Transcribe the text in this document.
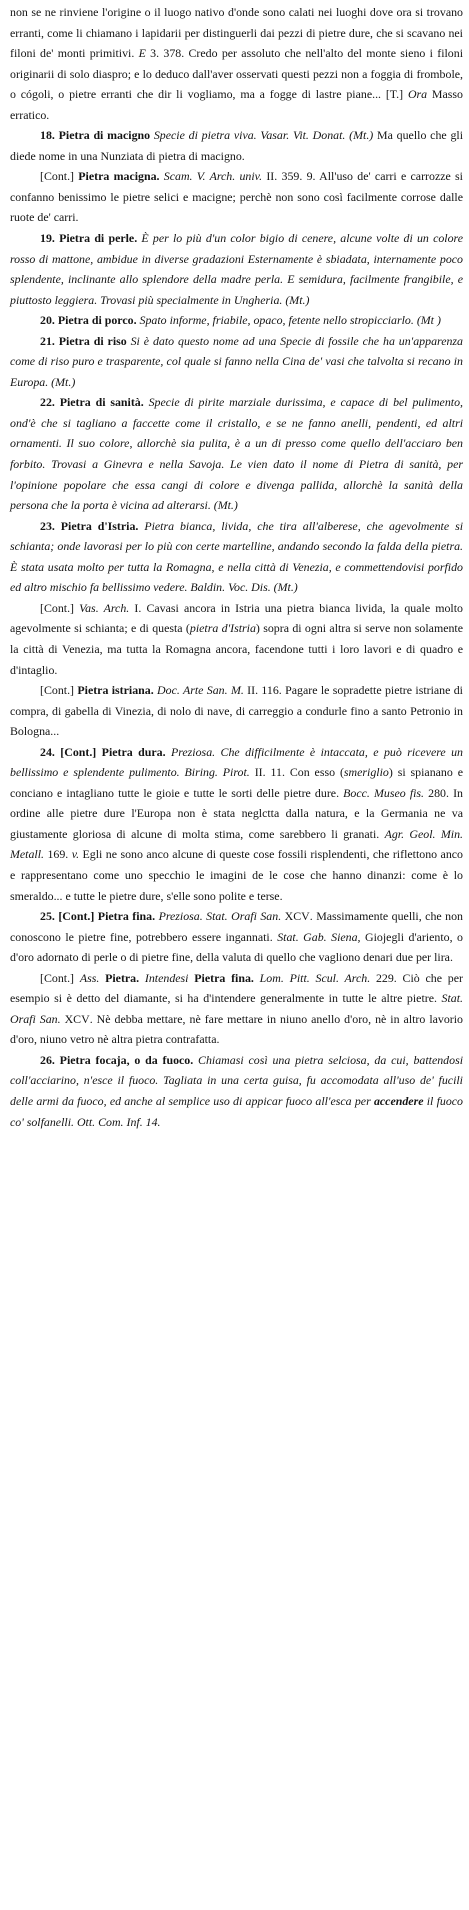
non se ne rinviene l'origine o il luogo nativo d'onde sono calati nei luoghi dove ora si trovano erranti, come li chiamano i lapidarii per distinguerli dai pezzi di pietre dure, che si scavano nei filoni de' monti primitivi. E 3. 378. Credo per assoluto che nell'alto del monte sieno i filoni originarii di solo diaspro; e lo deduco dall'aver osservati questi pezzi non a foggia di frombole, o cógoli, o pietre erranti che dir li vogliamo, ma a fogge di lastre piane... [T.] Ora Masso erratico.

18. Pietra di macigno Specie di pietra viva. Vasar. Vit. Donat. (Mt.) Ma quello che gli diede nome in una Nunziata di pietra di macigno.

[Cont.] Pietra macigna. Scam. V. Arch. univ. II. 359. 9. All'uso de' carri e carrozze si confanno benissimo le pietre selici e macigne; perchè non sono così facilmente corrose dalle ruote de' carri.

19. Pietra di perle. È per lo più d'un color bigio di cenere, alcune volte di un colore rosso di mattone, ambidue in diverse gradazioni Esternamente è sbiadata, internamente poco splendente, inclinante allo splendore della madre perla. E semidura, facilmente frangibile, e piuttosto leggiera. Trovasi più specialmente in Ungheria. (Mt.)

20. Pietra di porco. Spato informe, friabile, opaco, fetente nello stropicciarlo. (Mt )

21. Pietra di riso Si è dato questo nome ad una Specie di fossile che ha un'apparenza come di riso puro e trasparente, col quale si fanno nella Cina de' vasi che talvolta si recano in Europa. (Mt.)

22. Pietra di sanità. Specie di pirite marziale durissima, e capace di bel pulimento, ond'è che si tagliano a faccette come il cristallo, e se ne fanno anelli, pendenti, ed altri ornamenti. Il suo colore, allorchè sia pulita, è a un di presso come quello dell'acciaro ben forbito. Trovasi a Ginevra e nella Savoja. Le vien dato il nome di Pietra di sanità, per l'opinione popolare che essa cangi di colore e divenga pallida, allorchè la sanità della persona che la porta è vicina ad alterarsi. (Mt.)

23. Pietra d'Istria. Pietra bianca, livida, che tira all'alberese, che agevolmente si schianta; onde lavorasi per lo più con certe martelline, andando secondo la falda della pietra. È stata usata molto per tutta la Romagna, e nella città di Venezia, e commettendovisi porfido ed altro mischio fa bellissimo vedere. Baldin. Voc. Dis. (Mt.)

[Cont.] Vas. Arch. I. Cavasi ancora in Istria una pietra bianca livida, la quale molto agevolmente si schianta; e di questa (pietra d'Istria) sopra di ogni altra si serve non solamente la città di Venezia, ma tutta la Romagna ancora, facendone tutti i loro lavori e di quadro e d'intaglio.

[Cont.] Pietra istriana. Doc. Arte San. M. II. 116. Pagare le sopradette pietre istriane di compra, di gabella di Vinezia, di nolo di nave, di carreggio a condurle fino a santo Petronio in Bologna...

24. [Cont.] Pietra dura. Preziosa. Che difficilmente è intaccata, e può ricevere un bellissimo e splendente pulimento. Biring. Pirot. II. 11. Con esso (smeriglio) si spianano e conciano e intagliano tutte le gioie e tutte le sorti delle pietre dure. Bocc. Museo fis. 280. In ordine alle pietre dure l'Europa non è stata neglctta dalla natura, e la Germania ne va giustamente gloriosa di alcune di molta stima, come sarebbero li granati. Agr. Geol. Min. Metall. 169. v. Egli ne sono anco alcune di queste cose fossili risplendenti, che riflettono anco e rappresentano come uno specchio le imagini de le cose che hanno dinanzi: come è lo smeraldo... e tutte le pietre dure, s'elle sono polite e terse.

25. [Cont.] Pietra fina. Preziosa. Stat. Orafi San. XCV. Massimamente quelli, che non conoscono le pietre fine, potrebbero essere ingannati. Stat. Gab. Siena, Giojegli d'ariento, o d'oro adornato di perle o di pietre fine, della valuta di quello che vagliono denari due per lira.

[Cont.] Ass. Pietra. Intendesi Pietra fina. Lom. Pitt. Scul. Arch. 229. Ciò che per esempio si è detto del diamante, si ha d'intendere generalmente in tutte le altre pietre. Stat. Orafi San. XCV. Nè debba mettare, nè fare mettare in niuno anello d'oro, nè in altro lavorio d'oro, niuno vetro nè altra pietra contrafatta.

26. Pietra focaja, o da fuoco. Chiamasi così una pietra selciosa, da cui, battendosi coll'acciarino, n'esce il fuoco. Tagliata in una certa guisa, fu accomodata all'uso de' fucili delle armi da fuoco, ed anche al semplice uso di appicar fuoco all'esca per accendere il fuoco co' solfanelli. Ott. Com. Inf. 14.
